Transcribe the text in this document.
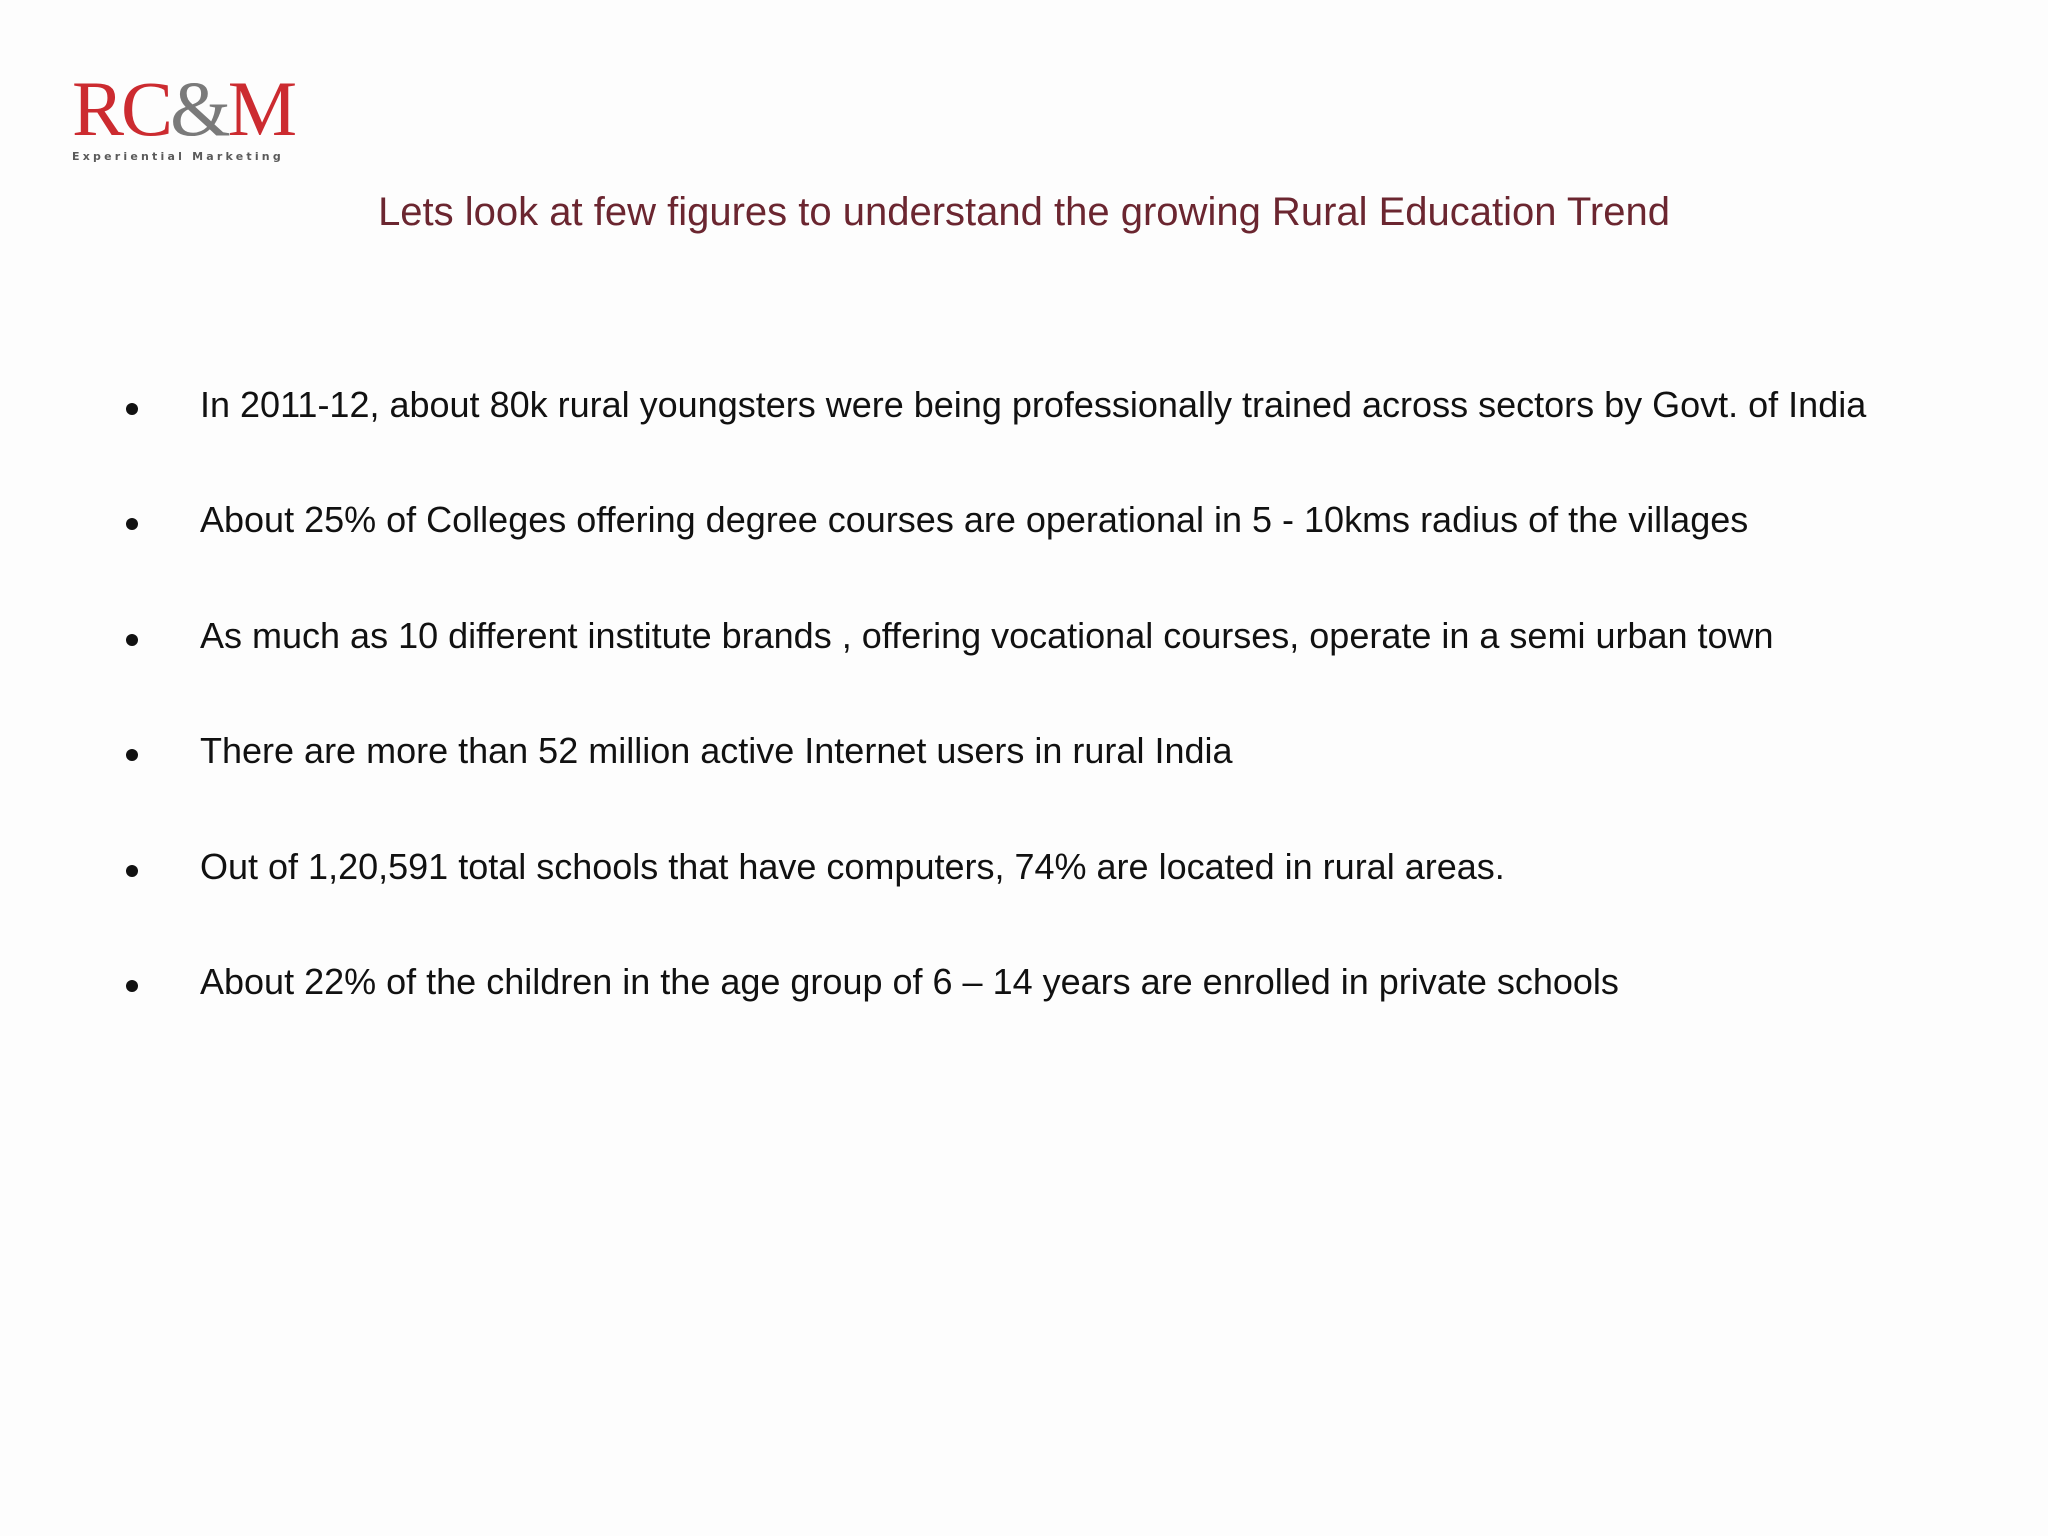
RC&M
Experiential Marketing
Lets look at few figures to understand the growing Rural Education Trend
In 2011-12, about 80k rural youngsters were being professionally trained across sectors by Govt. of India
About 25% of Colleges offering degree courses are operational in 5 - 10kms radius of the villages
As much as 10 different institute brands , offering vocational courses, operate in a semi urban town
There are more than 52 million active Internet users in rural India
Out of 1,20,591 total schools that have computers, 74% are located in rural areas.
About 22% of the children in the age group of 6 – 14 years are enrolled in private schools
